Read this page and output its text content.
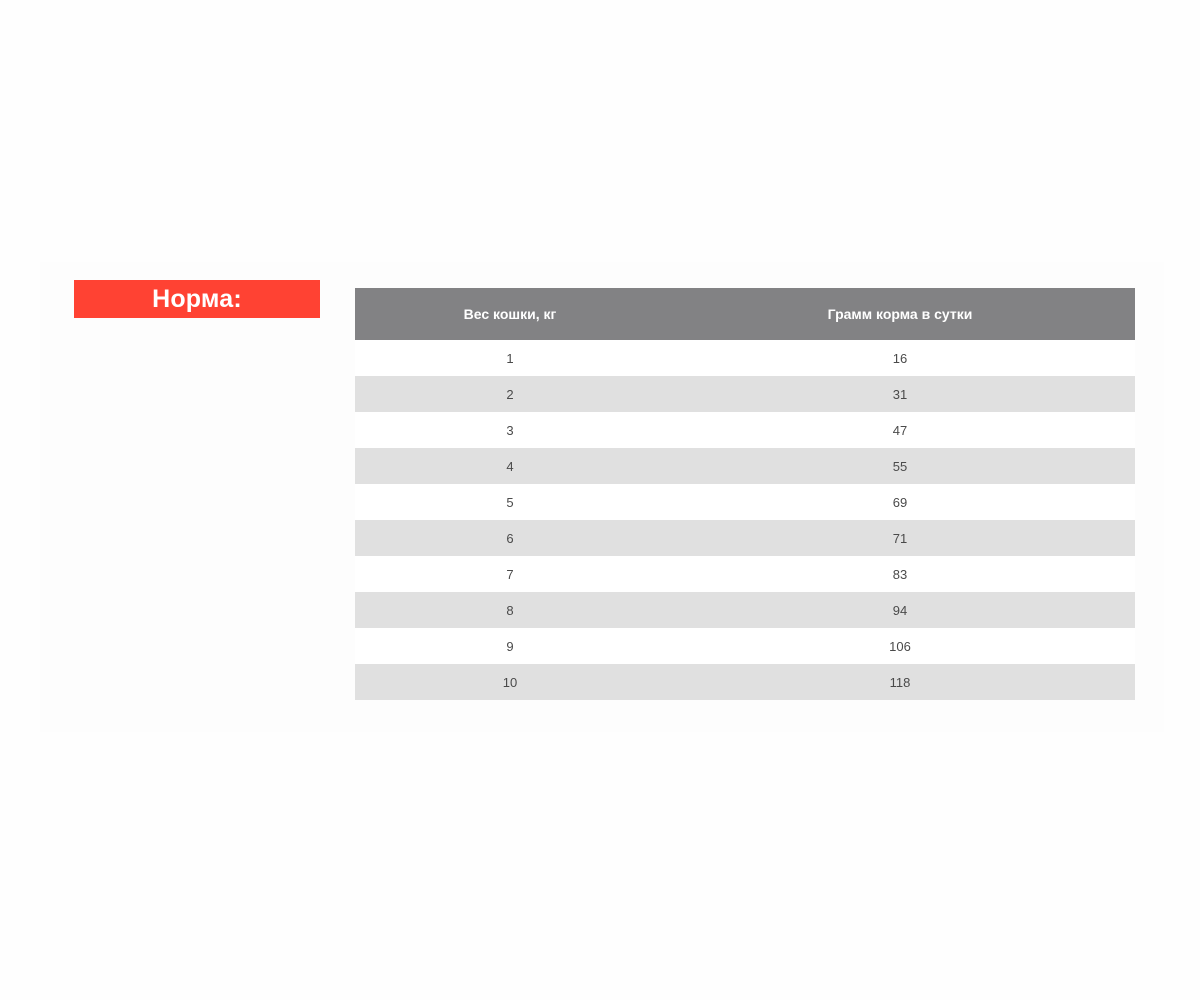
Норма:
Вес кошки, кг	Грамм корма в сутки
1	16
2	31
3	47
4	55
5	69
6	71
7	83
8	94
9	106
10	118
